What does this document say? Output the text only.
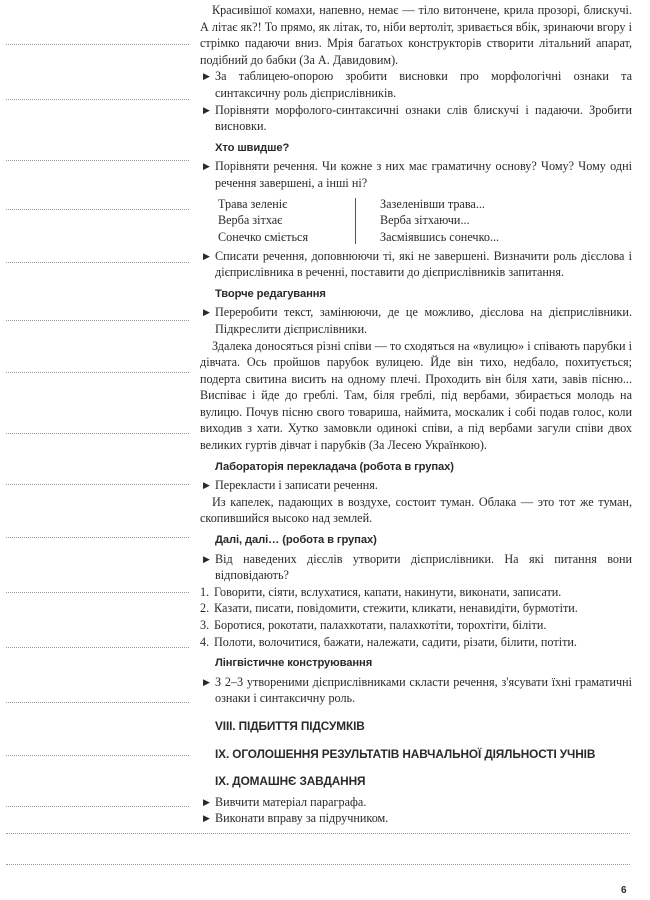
Красивішої комахи, напевно, немає — тіло витончене, крила прозорі, блискучі. А літає як?! То прямо, як літак, то, ніби вертоліт, зривається вбік, зринаючи вгору і стрімко падаючи вниз. Мрія багатьох конструкторів створити літальний апарат, подібний до бабки (За А. Давидовим).

▶ За таблицею-опорою зробити висновки про морфологічні ознаки та синтаксичну роль дієприслівників.
▶ Порівняти морфолого-синтаксичні ознаки слів блискучі і падаючи. Зробити висновки.
Хто швидше?
▶ Порівняти речення. Чи кожне з них має граматичну основу? Чому? Чому одні речення завершені, а інші ні?
Трава зеленіє
Верба зітхає
Сонечко сміється
Зазеленівши трава...
Верба зітхаючи...
Засміявшись сонечко...
▶ Списати речення, доповнюючи ті, які не завершені. Визначити роль дієслова і дієприслівника в реченні, поставити до дієприслівників запитання.
Творче редагування
▶ Переробити текст, замінюючи, де це можливо, дієслова на дієприслівники. Підкреслити дієприслівники.

Здалека доносяться різні співи — то сходяться на «вулицю» і співають парубки і дівчата. Ось пройшов парубок вулицею. Йде він тихо, недбало, похитується; подерта свитина висить на одному плечі. Проходить він біля хати, завів пісню... Виспіває і йде до греблі. Там, біля греблі, під вербами, збирається молодь на вулицю. Почув пісню свого товариша, наймита, москалик і собі подав голос, коли виходив з хати. Хутко замовкли одинокі співи, а під вербами загули співи двох великих гуртів дівчат і парубків (За Лесею Українкою).

Лабораторія перекладача (робота в групах)
▶ Перекласти і записати речення.

Из капелек, падающих в воздухе, состоит туман. Облака — это тот же туман, скопившийся высоко над землей.

Далі, далі… (робота в групах)
▶ Від наведених дієслів утворити дієприслівники. На які питання вони відповідають?
1. Говорити, сіяти, вслухатися, капати, накинути, виконати, записати.
2. Казати, писати, повідомити, стежити, кликати, ненавидіти, бурмотіти.
3. Боротися, рокотати, палахкотати, палахкотіти, торохтіти, біліти.
4. Полоти, волочитися, бажати, належати, садити, різати, білити, потіти.
Лінгвістичне конструювання
▶ З 2–3 утвореними дієприслівниками скласти речення, з'ясувати їхні граматичні ознаки і синтаксичну роль.
VIII. ПІДБИТТЯ ПІДСУМКІВ
IX. ОГОЛОШЕННЯ РЕЗУЛЬТАТІВ НАВЧАЛЬНОЇ ДІЯЛЬНОСТІ УЧНІВ
IX. ДОМАШНЄ ЗАВДАННЯ
▶ Вивчити матеріал параграфа.
▶ Виконати вправу за підручником.
6
